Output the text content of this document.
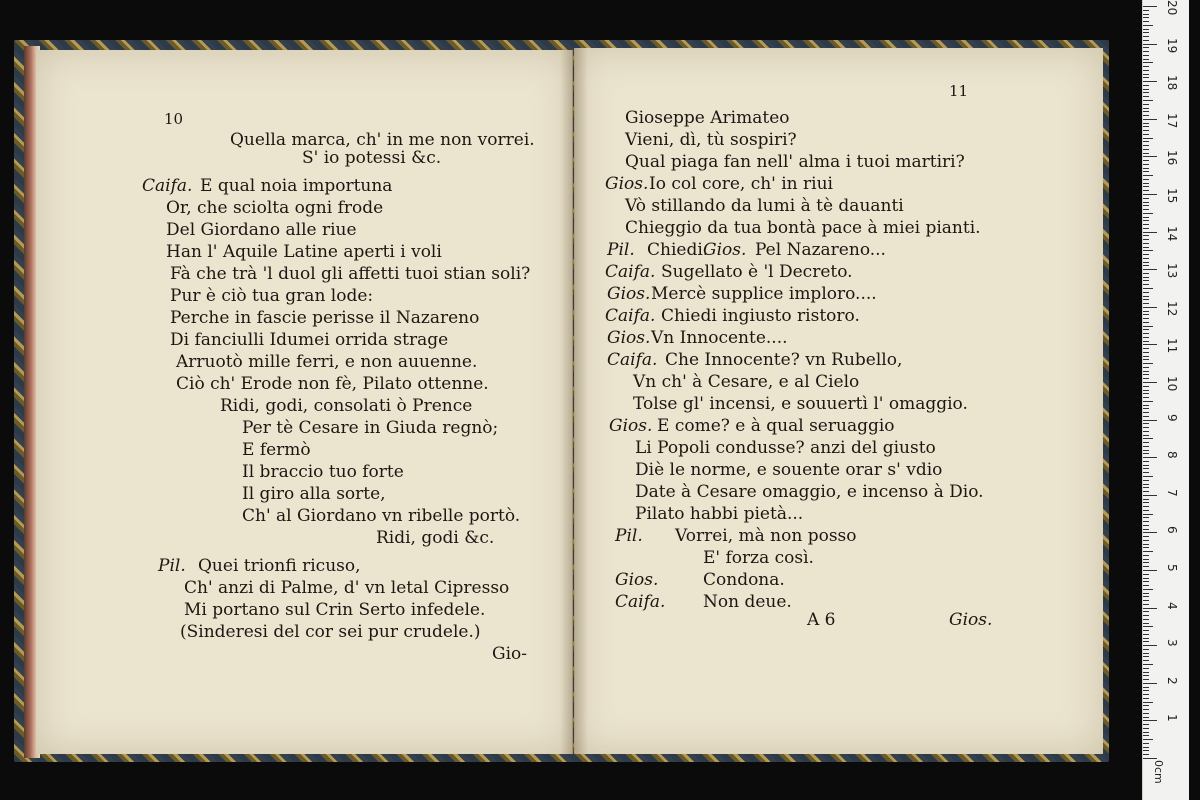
10
Quella marca, ch' in me non vorrei.
S' io potessi &c.
Caifa. E qual noia importuna
Or, che sciolta ogni frode
Del Giordano alle riue
Han l' Aquile Latine aperti i voli
Fà che trà 'l duol gli affetti tuoi stian soli?
Pur è ciò tua gran lode:
Perche in fascie perisse il Nazareno
Di fanciulli Idumei orrida strage
Arruotò mille ferri, e non auuenne.
Ciò ch' Erode non fè, Pilato ottenne.
Ridi, godi, consolati ò Prence
Per tè Cesare in Giuda regnò;
E fermò
Il braccio tuo forte
Il giro alla sorte,
Ch' al Giordano vn ribelle portò.
Ridi, godi &c.
Pil. Quei trionfi ricuso,
Ch' anzi di Palme, d' vn letal Cipresso
Mi portano sul Crin Serto infedele.
(Sinderesi del cor sei pur crudele.)
Gio-
11
Gioseppe Arimateo
Vieni, dì, tù sospiri?
Qual piaga fan nell' alma i tuoi martiri?
Gios. Io col core, ch' in riui
Vò stillando da lumi à tè dauanti
Chieggio da tua bontà pace à miei pianti.
Pil. Chiedi.
Gios. Pel Nazareno...
Caifa. Sugellato è 'l Decreto.
Gios. Mercè supplice imploro....
Caifa. Chiedi ingiusto ristoro.
Gios. Vn Innocente....
Caifa. Che Innocente? vn Rubello,
Vn ch' à Cesare, e al Cielo
Tolse gl' incensi, e souuertì l' omaggio.
Gios. E come? e à qual seruaggio
Li Popoli condusse? anzi del giusto
Diè le norme, e souente orar s' vdio
Date à Cesare omaggio, e incenso à Dio.
Pilato habbi pietà...
Pil. Vorrei, mà non posso
E' forza così.
Gios.	Condona.
Caifa. Non deue.
A 6	Gios.
0cm
1
2
3
4
5
6
7
8
9
10
11
12
13
14
15
16
17
18
19
20
